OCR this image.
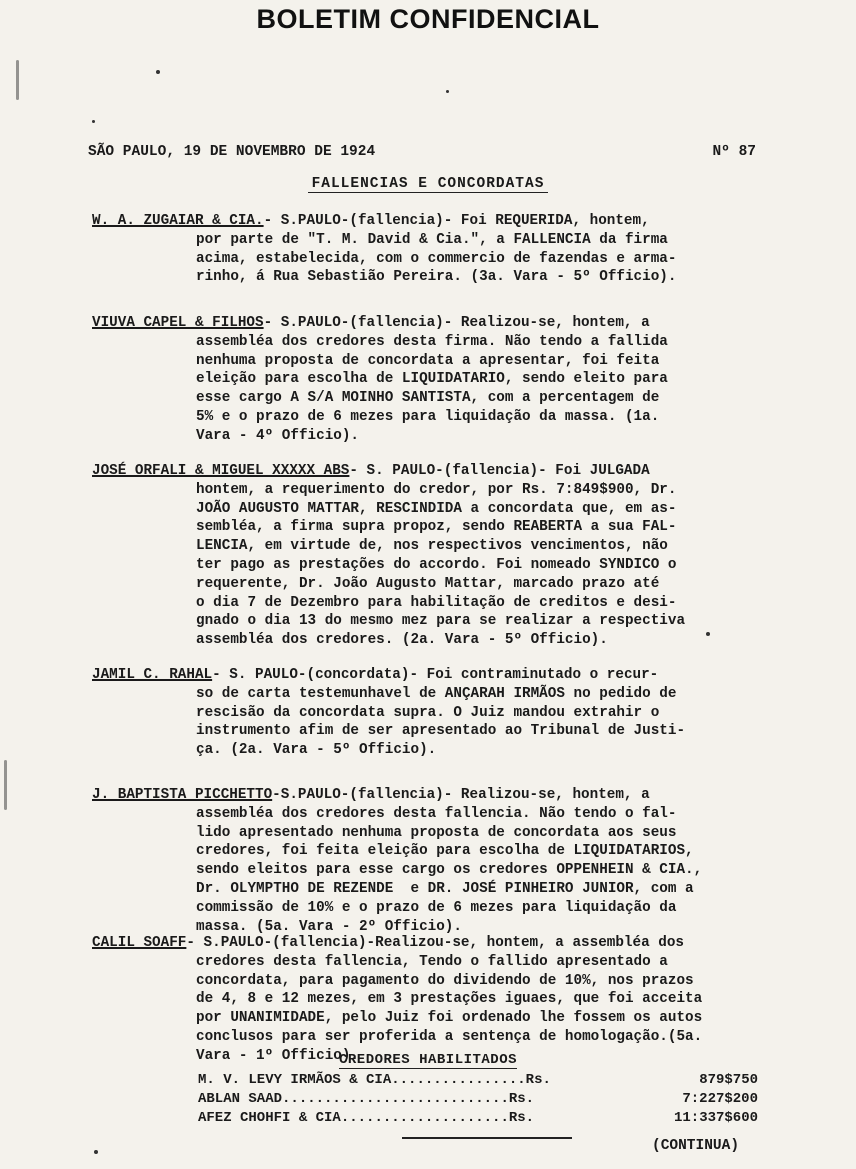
BOLETIM CONFIDENCIAL
SÃO PAULO, 19 DE NOVEMBRO DE 1924	Nº 87
FALLENCIAS E CONCORDATAS
W. A. ZUGAIAR & CIA.- S.PAULO-(fallencia)- Foi REQUERIDA, hontem,
por parte de "T. M. David & Cia.", a FALLENCIA da firma
acima, estabelecida, com o commercio de fazendas e arma-
rinho, á Rua Sebastião Pereira. (3a. Vara - 5º Officio).
VIUVA CAPEL & FILHOS- S.PAULO-(fallencia)- Realizou-se, hontem, a
assembléa dos credores desta firma. Não tendo a fallida
nenhuma proposta de concordata a apresentar, foi feita
eleição para escolha de LIQUIDATARIO, sendo eleito para
esse cargo A S/A MOINHO SANTISTA, com a percentagem de
5% e o prazo de 6 mezes para liquidação da massa. (1a.
Vara - 4º Officio).
JOSÉ ORFALI & MIGUEL XXXXX ABS- S. PAULO-(fallencia)- Foi JULGADA
hontem, a requerimento do credor, por Rs. 7:849$900, Dr.
JOÃO AUGUSTO MATTAR, RESCINDIDA a concordata que, em as-
sembléa, a firma supra propoz, sendo REABERTA a sua FAL-
LENCIA, em virtude de, nos respectivos vencimentos, não
ter pago as prestações do accordo. Foi nomeado SYNDICO o
requerente, Dr. João Augusto Mattar, marcado prazo até
o dia 7 de Dezembro para habilitação de creditos e desi-
gnado o dia 13 do mesmo mez para se realizar a respectiva
assembléa dos credores. (2a. Vara - 5º Officio).
JAMIL C. RAHAL- S. PAULO-(concordata)- Foi contraminutado o recur-
so de carta testemunhavel de ANÇARAH IRMÃOS no pedido de
rescisão da concordata supra. O Juiz mandou extrahir o
instrumento afim de ser apresentado ao Tribunal de Justi-
ça. (2a. Vara - 5º Officio).
J. BAPTISTA PICCHETTO-S.PAULO-(fallencia)- Realizou-se, hontem, a
assembléa dos credores desta fallencia. Não tendo o fal-
lido apresentado nenhuma proposta de concordata aos seus
credores, foi feita eleição para escolha de LIQUIDATARIOS,
sendo eleitos para esse cargo os credores OPPENHEIN & CIA.,
Dr. OLYMPTHO DE REZENDE  e DR. JOSÉ PINHEIRO JUNIOR, com a
commissão de 10% e o prazo de 6 mezes para liquidação da
massa. (5a. Vara - 2º Officio).
CALIL SOAFF- S.PAULO-(fallencia)-Realizou-se, hontem, a assembléa dos
credores desta fallencia, Tendo o fallido apresentado a
concordata, para pagamento do dividendo de 10%, nos prazos
de 4, 8 e 12 mezes, em 3 prestações iguaes, que foi acceita
por UNANIMIDADE, pelo Juiz foi ordenado lhe fossem os autos
conclusos para ser proferida a sentença de homologação.(5a.
Vara - 1º Officio).
CREDORES HABILITADOS
M. V. LEVY IRMÃOS & CIA................Rs.	879$750
ABLAN SAAD...........................Rs.	7:227$200
AFEZ CHOHFI & CIA....................Rs.	11:337$600
(CONTINUA)
